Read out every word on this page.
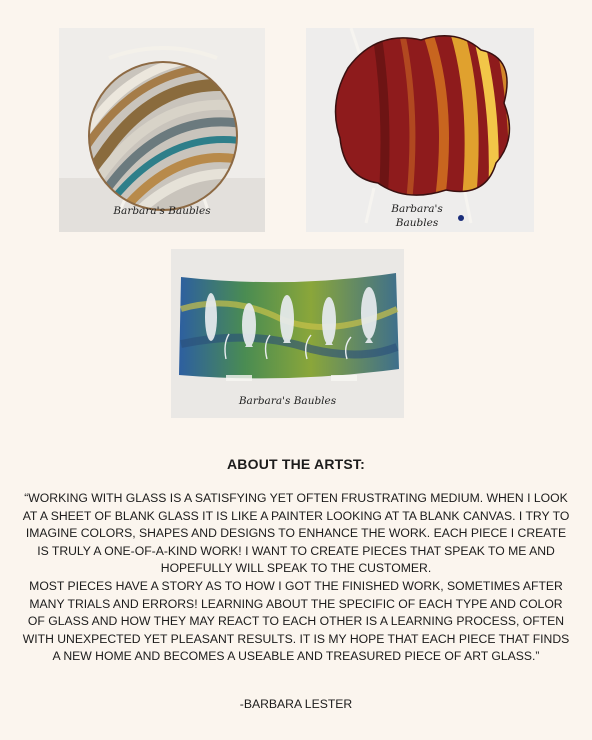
Barbara's Baubles	Barbara's Baubles
Barbara's Baubles
ABOUT THE ARTST:

“WORKING WITH GLASS IS A SATISFYING YET OFTEN FRUSTRATING MEDIUM. WHEN I LOOK AT A SHEET OF BLANK GLASS IT IS LIKE A PAINTER LOOKING AT TA BLANK CANVAS. I TRY TO IMAGINE COLORS, SHAPES AND DESIGNS TO ENHANCE THE WORK. EACH PIECE I CREATE IS TRULY A ONE-OF-A-KIND WORK! I WANT TO CREATE PIECES THAT SPEAK TO ME AND HOPEFULLY WILL SPEAK TO THE CUSTOMER.

MOST PIECES HAVE A STORY AS TO HOW I GOT THE FINISHED WORK, SOMETIMES AFTER MANY TRIALS AND ERRORS! LEARNING ABOUT THE SPECIFIC OF EACH TYPE AND COLOR OF GLASS AND HOW THEY MAY REACT TO EACH OTHER IS A LEARNING PROCESS, OFTEN WITH UNEXPECTED YET PLEASANT RESULTS. IT IS MY HOPE THAT EACH PIECE THAT FINDS A NEW HOME AND BECOMES A USEABLE AND TREASURED PIECE OF ART GLASS.”

-BARBARA LESTER
